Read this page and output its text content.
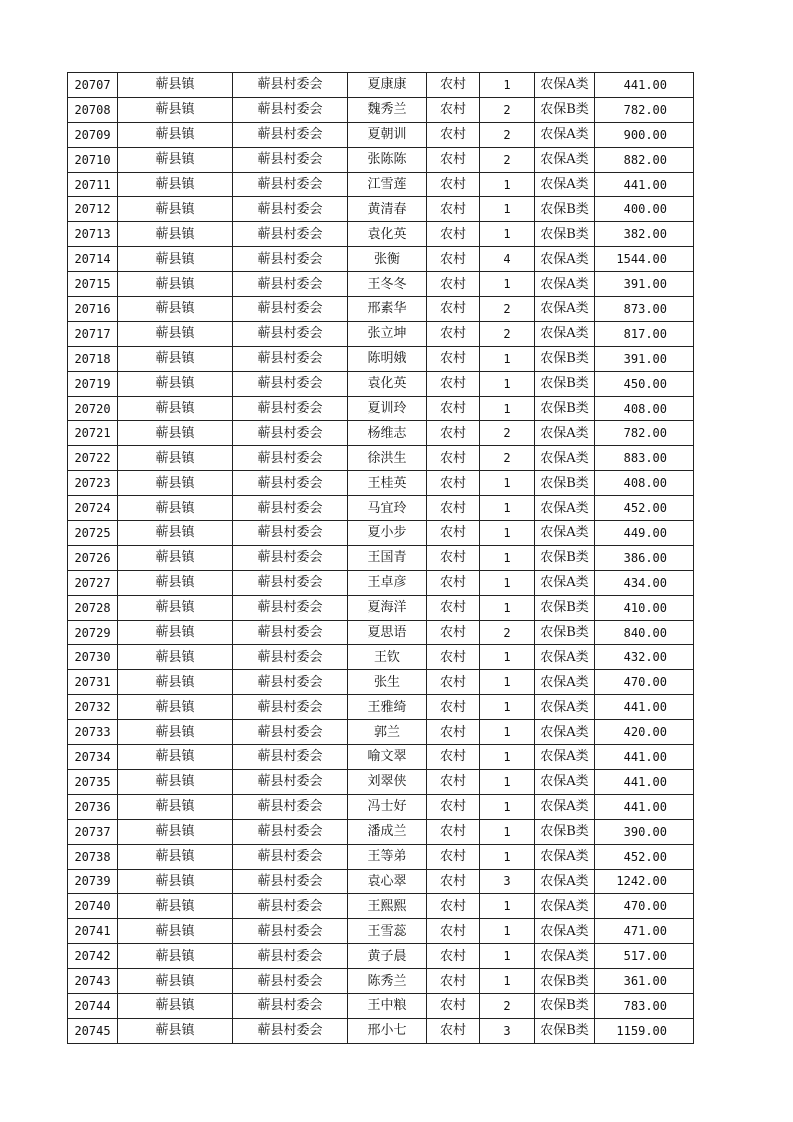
20707	蕲县镇	蕲县村委会	夏康康	农村	1	农保A类	441.00
20708	蕲县镇	蕲县村委会	魏秀兰	农村	2	农保B类	782.00
20709	蕲县镇	蕲县村委会	夏朝训	农村	2	农保A类	900.00
20710	蕲县镇	蕲县村委会	张陈陈	农村	2	农保A类	882.00
20711	蕲县镇	蕲县村委会	江雪莲	农村	1	农保A类	441.00
20712	蕲县镇	蕲县村委会	黄清春	农村	1	农保B类	400.00
20713	蕲县镇	蕲县村委会	袁化英	农村	1	农保B类	382.00
20714	蕲县镇	蕲县村委会	张衡	农村	4	农保A类	1544.00
20715	蕲县镇	蕲县村委会	王冬冬	农村	1	农保A类	391.00
20716	蕲县镇	蕲县村委会	邢素华	农村	2	农保A类	873.00
20717	蕲县镇	蕲县村委会	张立坤	农村	2	农保A类	817.00
20718	蕲县镇	蕲县村委会	陈明娥	农村	1	农保B类	391.00
20719	蕲县镇	蕲县村委会	袁化英	农村	1	农保B类	450.00
20720	蕲县镇	蕲县村委会	夏训玲	农村	1	农保B类	408.00
20721	蕲县镇	蕲县村委会	杨维志	农村	2	农保A类	782.00
20722	蕲县镇	蕲县村委会	徐洪生	农村	2	农保A类	883.00
20723	蕲县镇	蕲县村委会	王桂英	农村	1	农保B类	408.00
20724	蕲县镇	蕲县村委会	马宜玲	农村	1	农保A类	452.00
20725	蕲县镇	蕲县村委会	夏小步	农村	1	农保A类	449.00
20726	蕲县镇	蕲县村委会	王国青	农村	1	农保B类	386.00
20727	蕲县镇	蕲县村委会	王卓彦	农村	1	农保A类	434.00
20728	蕲县镇	蕲县村委会	夏海洋	农村	1	农保B类	410.00
20729	蕲县镇	蕲县村委会	夏思语	农村	2	农保B类	840.00
20730	蕲县镇	蕲县村委会	王钦	农村	1	农保A类	432.00
20731	蕲县镇	蕲县村委会	张生	农村	1	农保A类	470.00
20732	蕲县镇	蕲县村委会	王雅绮	农村	1	农保A类	441.00
20733	蕲县镇	蕲县村委会	郭兰	农村	1	农保A类	420.00
20734	蕲县镇	蕲县村委会	喻文翠	农村	1	农保A类	441.00
20735	蕲县镇	蕲县村委会	刘翠侠	农村	1	农保A类	441.00
20736	蕲县镇	蕲县村委会	冯士好	农村	1	农保A类	441.00
20737	蕲县镇	蕲县村委会	潘成兰	农村	1	农保B类	390.00
20738	蕲县镇	蕲县村委会	王等弟	农村	1	农保A类	452.00
20739	蕲县镇	蕲县村委会	袁心翠	农村	3	农保A类	1242.00
20740	蕲县镇	蕲县村委会	王熙熙	农村	1	农保A类	470.00
20741	蕲县镇	蕲县村委会	王雪蕊	农村	1	农保A类	471.00
20742	蕲县镇	蕲县村委会	黄子晨	农村	1	农保A类	517.00
20743	蕲县镇	蕲县村委会	陈秀兰	农村	1	农保B类	361.00
20744	蕲县镇	蕲县村委会	王中粮	农村	2	农保B类	783.00
20745	蕲县镇	蕲县村委会	邢小七	农村	3	农保B类	1159.00
